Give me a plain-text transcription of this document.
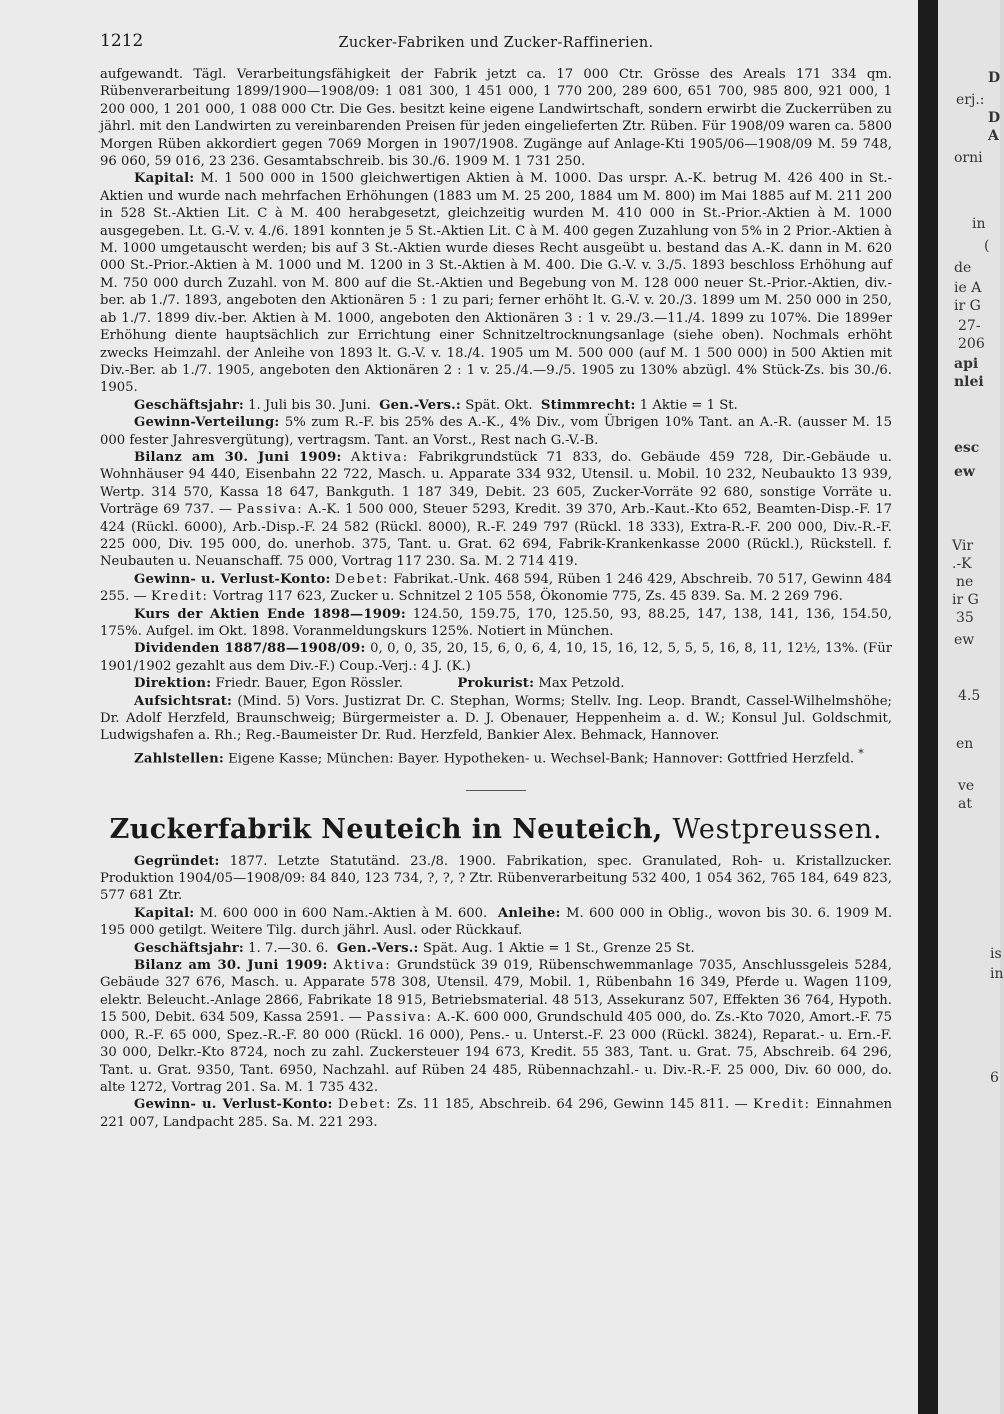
1212	Zucker-Fabriken und Zucker-Raffinerien.

aufgewandt. Tägl. Verarbeitungsfähigkeit der Fabrik jetzt ca. 17 000 Ctr. Grösse des Areals 171 334 qm. Rübenverarbeitung 1899/1900—1908/09: 1 081 300, 1 451 000, 1 770 200, 289 600, 651 700, 985 800, 921 000, 1 200 000, 1 201 000, 1 088 000 Ctr. Die Ges. besitzt keine eigene Landwirtschaft, sondern erwirbt die Zuckerrüben zu jährl. mit den Landwirten zu vereinbarenden Preisen für jeden eingelieferten Ztr. Rüben. Für 1908/09 waren ca. 5800 Morgen Rüben akkordiert gegen 7069 Morgen in 1907/1908. Zugänge auf Anlage-Kti 1905/06—1908/09 M. 59 748, 96 060, 59 016, 23 236. Gesamtabschreib. bis 30./6. 1909 M. 1 731 250.

Kapital: M. 1 500 000 in 1500 gleichwertigen Aktien à M. 1000. Das urspr. A.-K. betrug M. 426 400 in St.-Aktien und wurde nach mehrfachen Erhöhungen (1883 um M. 25 200, 1884 um M. 800) im Mai 1885 auf M. 211 200 in 528 St.-Aktien Lit. C à M. 400 herabgesetzt, gleichzeitig wurden M. 410 000 in St.-Prior.-Aktien à M. 1000 ausgegeben. Lt. G.-V. v. 4./6. 1891 konnten je 5 St.-Aktien Lit. C à M. 400 gegen Zuzahlung von 5% in 2 Prior.-Aktien à M. 1000 umgetauscht werden; bis auf 3 St.-Aktien wurde dieses Recht ausgeübt u. bestand das A.-K. dann in M. 620 000 St.-Prior.-Aktien à M. 1000 und M. 1200 in 3 St.-Aktien à M. 400. Die G.-V. v. 3./5. 1893 beschloss Erhöhung auf M. 750 000 durch Zuzahl. von M. 800 auf die St.-Aktien und Begebung von M. 128 000 neuer St.-Prior.-Aktien, div.-ber. ab 1./7. 1893, angeboten den Aktionären 5 : 1 zu pari; ferner erhöht lt. G.-V. v. 20./3. 1899 um M. 250 000 in 250, ab 1./7. 1899 div.-ber. Aktien à M. 1000, angeboten den Aktionären 3 : 1 v. 29./3.—11./4. 1899 zu 107%. Die 1899er Erhöhung diente hauptsächlich zur Errichtung einer Schnitzeltrocknungsanlage (siehe oben). Nochmals erhöht zwecks Heimzahl. der Anleihe von 1893 lt. G.-V. v. 18./4. 1905 um M. 500 000 (auf M. 1 500 000) in 500 Aktien mit Div.-Ber. ab 1./7. 1905, angeboten den Aktionären 2 : 1 v. 25./4.—9./5. 1905 zu 130% abzügl. 4% Stück-Zs. bis 30./6. 1905.

Geschäftsjahr: 1. Juli bis 30. Juni. Gen.-Vers.: Spät. Okt. Stimmrecht: 1 Aktie = 1 St.

Gewinn-Verteilung: 5% zum R.-F. bis 25% des A.-K., 4% Div., vom Übrigen 10% Tant. an A.-R. (ausser M. 15 000 fester Jahresvergütung), vertragsm. Tant. an Vorst., Rest nach G.-V.-B.

Bilanz am 30. Juni 1909: Aktiva: Fabrikgrundstück 71 833, do. Gebäude 459 728, Dir.-Gebäude u. Wohnhäuser 94 440, Eisenbahn 22 722, Masch. u. Apparate 334 932, Utensil. u. Mobil. 10 232, Neubaukto 13 939, Wertp. 314 570, Kassa 18 647, Bankguth. 1 187 349, Debit. 23 605, Zucker-Vorräte 92 680, sonstige Vorräte u. Vorträge 69 737. — Passiva: A.-K. 1 500 000, Steuer 5293, Kredit. 39 370, Arb.-Kaut.-Kto 652, Beamten-Disp.-F. 17 424 (Rückl. 6000), Arb.-Disp.-F. 24 582 (Rückl. 8000), R.-F. 249 797 (Rückl. 18 333), Extra-R.-F. 200 000, Div.-R.-F. 225 000, Div. 195 000, do. unerhob. 375, Tant. u. Grat. 62 694, Fabrik-Krankenkasse 2000 (Rückl.), Rückstell. f. Neubauten u. Neuanschaff. 75 000, Vortrag 117 230. Sa. M. 2 714 419.

Gewinn- u. Verlust-Konto: Debet: Fabrikat.-Unk. 468 594, Rüben 1 246 429, Abschreib. 70 517, Gewinn 484 255. — Kredit: Vortrag 117 623, Zucker u. Schnitzel 2 105 558, Ökonomie 775, Zs. 45 839. Sa. M. 2 269 796.

Kurs der Aktien Ende 1898—1909: 124.50, 159.75, 170, 125.50, 93, 88.25, 147, 138, 141, 136, 154.50, 175%. Aufgel. im Okt. 1898. Voranmeldungskurs 125%. Notiert in München.

Dividenden 1887/88—1908/09: 0, 0, 0, 35, 20, 15, 6, 0, 6, 4, 10, 15, 16, 12, 5, 5, 5, 16, 8, 11, 12½, 13%. (Für 1901/1902 gezahlt aus dem Div.-F.) Coup.-Verj.: 4 J. (K.)

Direktion: Friedr. Bauer, Egon Rössler.	Prokurist: Max Petzold.

Aufsichtsrat: (Mind. 5) Vors. Justizrat Dr. C. Stephan, Worms; Stellv. Ing. Leop. Brandt, Cassel-Wilhelmshöhe; Dr. Adolf Herzfeld, Braunschweig; Bürgermeister a. D. J. Obenauer, Heppenheim a. d. W.; Konsul Jul. Goldschmit, Ludwigshafen a. Rh.; Reg.-Baumeister Dr. Rud. Herzfeld, Bankier Alex. Behmack, Hannover.

Zahlstellen: Eigene Kasse; München: Bayer. Hypotheken- u. Wechsel-Bank; Hannover: Gottfried Herzfeld. *

Zuckerfabrik Neuteich in Neuteich, Westpreussen.

Gegründet: 1877. Letzte Statutänd. 23./8. 1900. Fabrikation, spec. Granulated, Roh- u. Kristallzucker. Produktion 1904/05—1908/09: 84 840, 123 734, ?, ?, ? Ztr. Rübenverarbeitung 532 400, 1 054 362, 765 184, 649 823, 577 681 Ztr.

Kapital: M. 600 000 in 600 Nam.-Aktien à M. 600. Anleihe: M. 600 000 in Oblig., wovon bis 30. 6. 1909 M. 195 000 getilgt. Weitere Tilg. durch jährl. Ausl. oder Rückkauf.

Geschäftsjahr: 1. 7.—30. 6. Gen.-Vers.: Spät. Aug. 1 Aktie = 1 St., Grenze 25 St.

Bilanz am 30. Juni 1909: Aktiva: Grundstück 39 019, Rübenschwemmanlage 7035, Anschlussgeleis 5284, Gebäude 327 676, Masch. u. Apparate 578 308, Utensil. 479, Mobil. 1, Rübenbahn 16 349, Pferde u. Wagen 1109, elektr. Beleucht.-Anlage 2866, Fabrikate 18 915, Betriebsmaterial. 48 513, Assekuranz 507, Effekten 36 764, Hypoth. 15 500, Debit. 634 509, Kassa 2591. — Passiva: A.-K. 600 000, Grundschuld 405 000, do. Zs.-Kto 7020, Amort.-F. 75 000, R.-F. 65 000, Spez.-R.-F. 80 000 (Rückl. 16 000), Pens.- u. Unterst.-F. 23 000 (Rückl. 3824), Reparat.- u. Ern.-F. 30 000, Delkr.-Kto 8724, noch zu zahl. Zuckersteuer 194 673, Kredit. 55 383, Tant. u. Grat. 75, Abschreib. 64 296, Tant. u. Grat. 9350, Tant. 6950, Nachzahl. auf Rüben 24 485, Rübennachzahl.- u. Div.-R.-F. 25 000, Div. 60 000, do. alte 1272, Vortrag 201. Sa. M. 1 735 432.

Gewinn- u. Verlust-Konto: Debet: Zs. 11 185, Abschreib. 64 296, Gewinn 145 811. — Kredit: Einnahmen 221 007, Landpacht 285. Sa. M. 221 293.

D
erj.:
D
A
orni
in
(
de
ie A
ir G
27-
206
api
nlei
esc
ew
Vir
.-K
ne
ir G
35
ew
4.5
en
ve
at
is
in
6
